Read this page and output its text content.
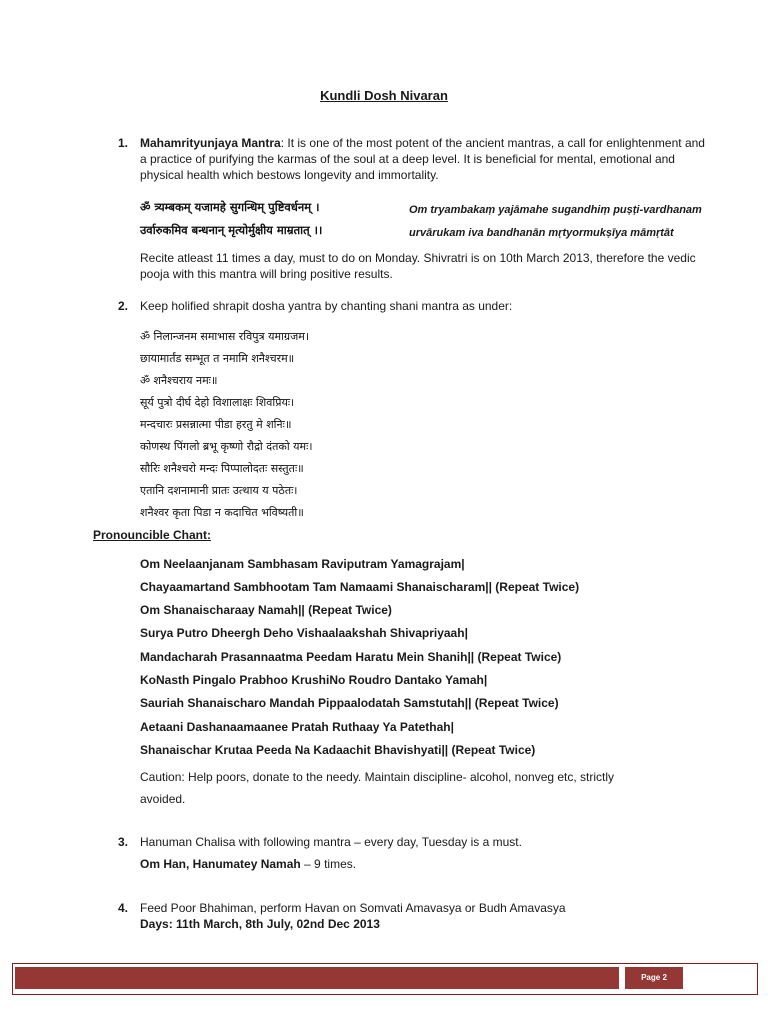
Kundli Dosh Nivaran
1. Mahamrityunjaya Mantra: It is one of the most potent of the ancient mantras, a call for enlightenment and a practice of purifying the karmas of the soul at a deep level. It is beneficial for mental, emotional and physical health which bestows longevity and immortality.
ॐ त्र्यम्बकम् यजामहे सुगन्धिम् पुष्टिवर्धनम् ।
उर्वारुकमिव बन्धनान् मृत्योर्मुक्षीय माम्रतात् ।।
Om tryambakaṃ yajāmahe sugandhiṃ puṣṭi-vardhanam
urvārukam iva bandhanān mṛtyormukṣīya māmṛtāt
Recite atleast 11 times a day, must to do on Monday. Shivratri is on 10th March 2013, therefore the vedic pooja with this mantra will bring positive results.
2. Keep holified shrapit dosha yantra by chanting shani mantra as under:
ॐ निलान्जनम समाभास रविपुत्र यमाग्रजम।
छायामार्तंड सम्भूत त नमामि शनैश्चरम॥
ॐ शनैश्चराय नमः॥
सूर्य पुत्रो दीर्घ देहो विशालाक्षः शिवप्रियः।
मन्दचारः प्रसन्नात्मा पीडा हरतु मे शनिः॥
कोणस्थ पिंगलो ब्रभू कृष्णो रौद्रो दंतको यमः।
सौरिः शनैश्चरो मन्दः पिप्पालोदतः सस्तुतः॥
एतानि दशनामानी प्रातः उत्थाय य पठेतः।
शनैश्वर कृता पिडा न कदाचित भविष्यती॥
Pronouncible Chant:
Om Neelaanjanam Sambhasam Raviputram Yamagrajam|
Chayaamartand Sambhootam Tam Namaami Shanaischaram|| (Repeat Twice)
Om Shanaischaraay Namah|| (Repeat Twice)
Surya Putro Dheergh Deho Vishaalaakshah Shivapriyaah|
Mandacharah Prasannaatma Peedam Haratu Mein Shanih|| (Repeat Twice)
KoNasth Pingalo Prabhoo KrushiNo Roudro Dantako Yamah|
Sauriah Shanaischaro Mandah Pippaalodatah Samstutah|| (Repeat Twice)
Aetaani Dashanaamaanee Pratah Ruthaay Ya Patethah|
Shanaischar Krutaa Peeda Na Kadaachit Bhavishyati|| (Repeat Twice)
Caution: Help poors, donate to the needy. Maintain discipline- alcohol, nonveg etc, strictly avoided.
3. Hanuman Chalisa with following mantra – every day, Tuesday is a must.
Om Han, Hanumatey Namah – 9 times.
4. Feed Poor Bhahiman, perform Havan on Somvati Amavasya or Budh Amavasya
Days: 11th March, 8th July, 02nd Dec 2013
Page 2
